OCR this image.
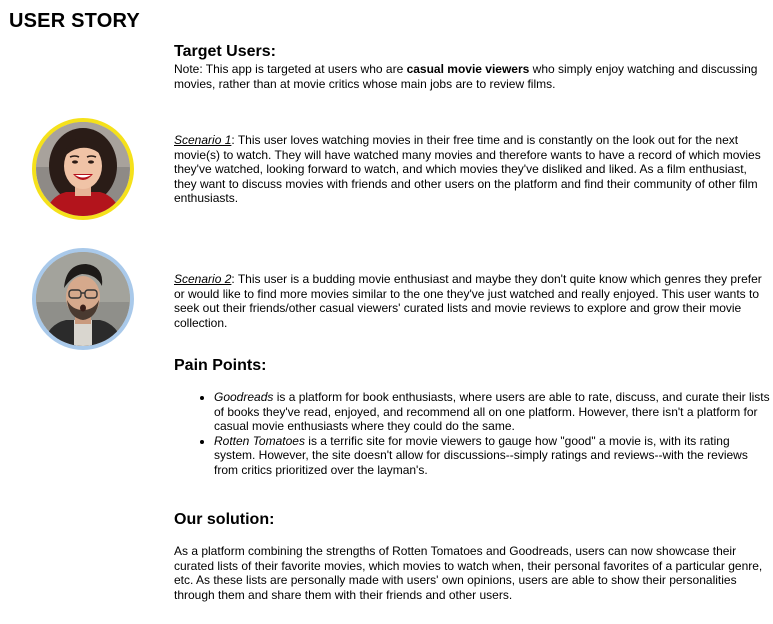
USER STORY
Target Users:

Note: This app is targeted at users who are casual movie viewers who simply enjoy watching and discussing movies, rather than at movie critics whose main jobs are to review films.

Scenario 1: This user loves watching movies in their free time and is constantly on the look out for the next movie(s) to watch. They will have watched many movies and therefore wants to have a record of which movies they've watched, looking forward to watch, and which movies they've disliked and liked. As a film enthusiast, they want to discuss movies with friends and other users on the platform and find their community of other film enthusiasts.

Scenario 2: This user is a budding movie enthusiast and maybe they don't quite know which genres they prefer or would like to find more movies similar to the one they've just watched and really enjoyed. This user wants to seek out their friends/other casual viewers' curated lists and movie reviews to explore and grow their movie collection.

Pain Points:
• Goodreads is a platform for book enthusiasts, where users are able to rate, discuss, and curate their lists of books they've read, enjoyed, and recommend all on one platform. However, there isn't a platform for casual movie enthusiasts where they could do the same.
• Rotten Tomatoes is a terrific site for movie viewers to gauge how "good" a movie is, with its rating system. However, the site doesn't allow for discussions--simply ratings and reviews--with the reviews from critics prioritized over the layman's.
Our solution:

As a platform combining the strengths of Rotten Tomatoes and Goodreads, users can now showcase their curated lists of their favorite movies, which movies to watch when, their personal favorites of a particular genre, etc. As these lists are personally made with users' own opinions, users are able to show their personalities through them and share them with their friends and other users.
